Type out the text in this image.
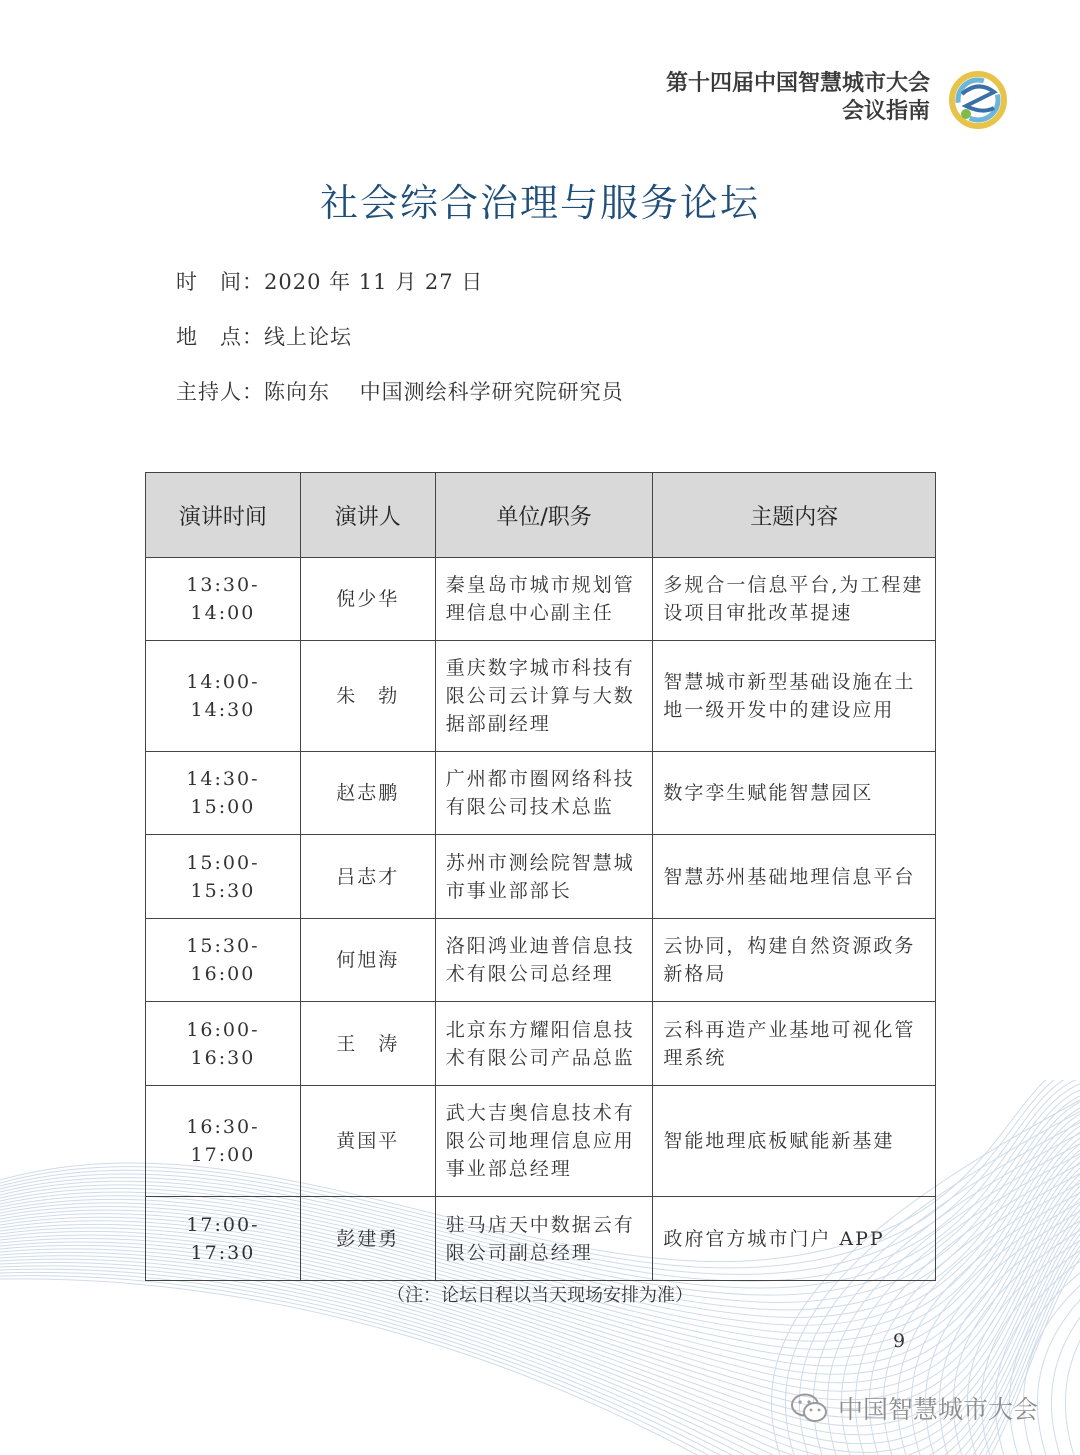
第十四届中国智慧城市大会
会议指南
社会综合治理与服务论坛
时　间：2020 年 11 月 27 日
地　点：线上论坛
主持人：陈向东　 中国测绘科学研究院研究员
演讲时间	演讲人	单位/职务	主题内容
13:30-14:00	倪少华	秦皇岛市城市规划管理信息中心副主任	多规合一信息平台,为工程建设项目审批改革提速
14:00-14:30	朱　勃	重庆数字城市科技有限公司云计算与大数据部副经理	智慧城市新型基础设施在土地一级开发中的建设应用
14:30-15:00	赵志鹏	广州都市圈网络科技有限公司技术总监	数字孪生赋能智慧园区
15:00-15:30	吕志才	苏州市测绘院智慧城市事业部部长	智慧苏州基础地理信息平台
15:30-16:00	何旭海	洛阳鸿业迪普信息技术有限公司总经理	云协同，构建自然资源政务新格局
16:00-16:30	王　涛	北京东方耀阳信息技术有限公司产品总监	云科再造产业基地可视化管理系统
16:30-17:00	黄国平	武大吉奥信息技术有限公司地理信息应用事业部总经理	智能地理底板赋能新基建
17:00-17:30	彭建勇	驻马店天中数据云有限公司副总经理	政府官方城市门户 APP
（注：论坛日程以当天现场安排为准）
9
中国智慧城市大会
